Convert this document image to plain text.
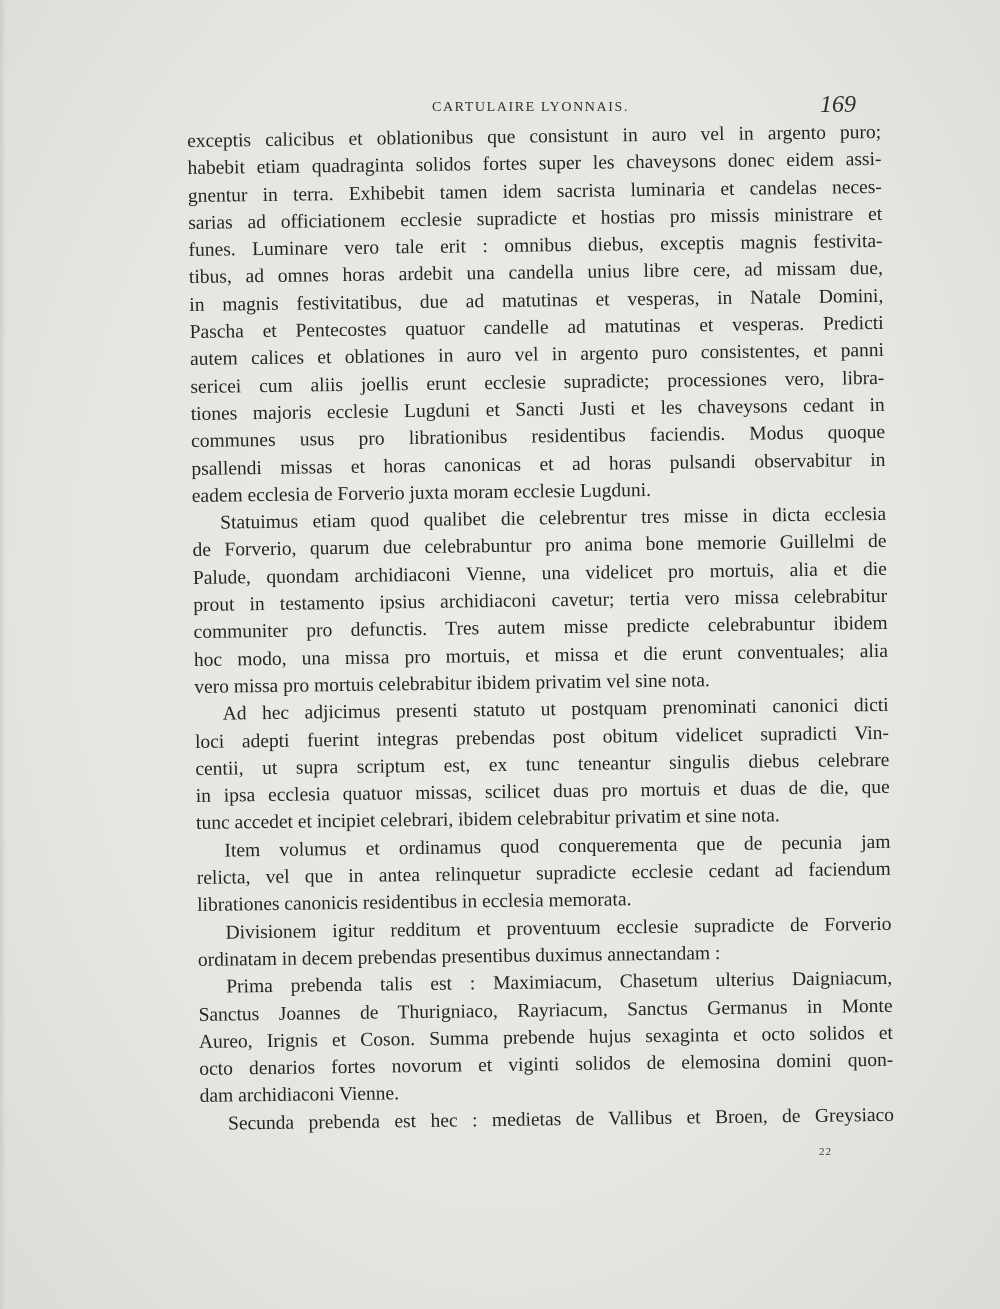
CARTULAIRE LYONNAIS.	169
exceptis calicibus et oblationibus que consistunt in auro vel in argento puro;
habebit etiam quadraginta solidos fortes super les chaveysons donec eidem assi-
gnentur in terra. Exhibebit tamen idem sacrista luminaria et candelas neces-
sarias ad officiationem ecclesie supradicte et hostias pro missis ministrare et
funes. Luminare vero tale erit : omnibus diebus, exceptis magnis festivita-
tibus, ad omnes horas ardebit una candella unius libre cere, ad missam due,
in magnis festivitatibus, due ad matutinas et vesperas, in Natale Domini,
Pascha et Pentecostes quatuor candelle ad matutinas et vesperas. Predicti
autem calices et oblationes in auro vel in argento puro consistentes, et panni
sericei cum aliis joellis erunt ecclesie supradicte; processiones vero, libra-
tiones majoris ecclesie Lugduni et Sancti Justi et les chaveysons cedant in
communes usus pro librationibus residentibus faciendis. Modus quoque
psallendi missas et horas canonicas et ad horas pulsandi observabitur in
eadem ecclesia de Forverio juxta moram ecclesie Lugduni.
Statuimus etiam quod qualibet die celebrentur tres misse in dicta ecclesia
de Forverio, quarum due celebrabuntur pro anima bone memorie Guillelmi de
Palude, quondam archidiaconi Vienne, una videlicet pro mortuis, alia et die
prout in testamento ipsius archidiaconi cavetur; tertia vero missa celebrabitur
communiter pro defunctis. Tres autem misse predicte celebrabuntur ibidem
hoc modo, una missa pro mortuis, et missa et die erunt conventuales; alia
vero missa pro mortuis celebrabitur ibidem privatim vel sine nota.
Ad hec adjicimus presenti statuto ut postquam prenominati canonici dicti
loci adepti fuerint integras prebendas post obitum videlicet supradicti Vin-
centii, ut supra scriptum est, ex tunc teneantur singulis diebus celebrare
in ipsa ecclesia quatuor missas, scilicet duas pro mortuis et duas de die, que
tunc accedet et incipiet celebrari, ibidem celebrabitur privatim et sine nota.
Item volumus et ordinamus quod conquerementa que de pecunia jam
relicta, vel que in antea relinquetur supradicte ecclesie cedant ad faciendum
librationes canonicis residentibus in ecclesia memorata.
Divisionem igitur redditum et proventuum ecclesie supradicte de Forverio
ordinatam in decem prebendas presentibus duximus annectandam :
Prima prebenda talis est : Maximiacum, Chasetum ulterius Daigniacum,
Sanctus Joannes de Thurigniaco, Rayriacum, Sanctus Germanus in Monte
Aureo, Irignis et Coson. Summa prebende hujus sexaginta et octo solidos et
octo denarios fortes novorum et viginti solidos de elemosina domini quon-
dam archidiaconi Vienne.
Secunda prebenda est hec : medietas de Vallibus et Broen, de Greysiaco
22
